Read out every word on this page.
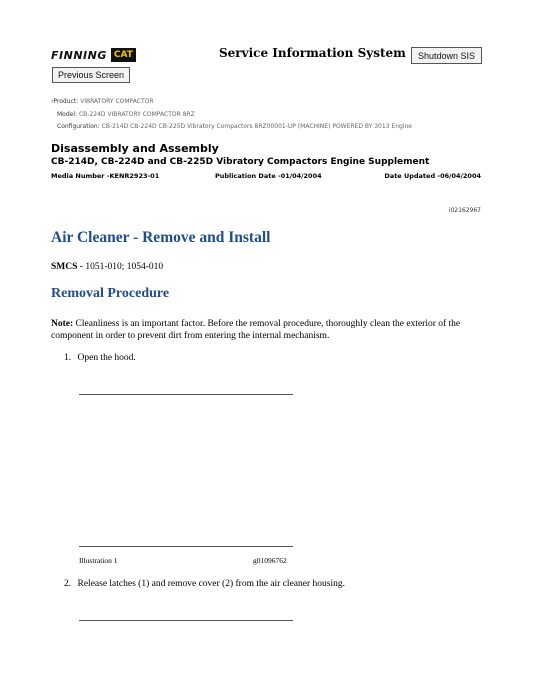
FINNING CAT	Service Information System	Shutdown SIS
Previous Screen
‹Product: VIBRATORY COMPACTOR
Model: CB-224D VIBRATORY COMPACTOR 8RZ
Configuration: CB-214D CB-224D CB-225D Vibratory Compactors 8RZ00001-UP (MACHINE) POWERED BY 3013 Engine
Disassembly and Assembly
CB-214D, CB-224D and CB-225D Vibratory Compactors Engine Supplement
Media Number -KENR2923-01	Publication Date -01/04/2004	Date Updated -06/04/2004
i02162967
Air Cleaner - Remove and Install
SMCS - 1051-010; 1054-010
Removal Procedure
Note: Cleanliness is an important factor. Before the removal procedure, thoroughly clean the exterior of the component in order to prevent dirt from entering the internal mechanism.
1. Open the hood.
Illustration 1	g01096762
2. Release latches (1) and remove cover (2) from the air cleaner housing.
